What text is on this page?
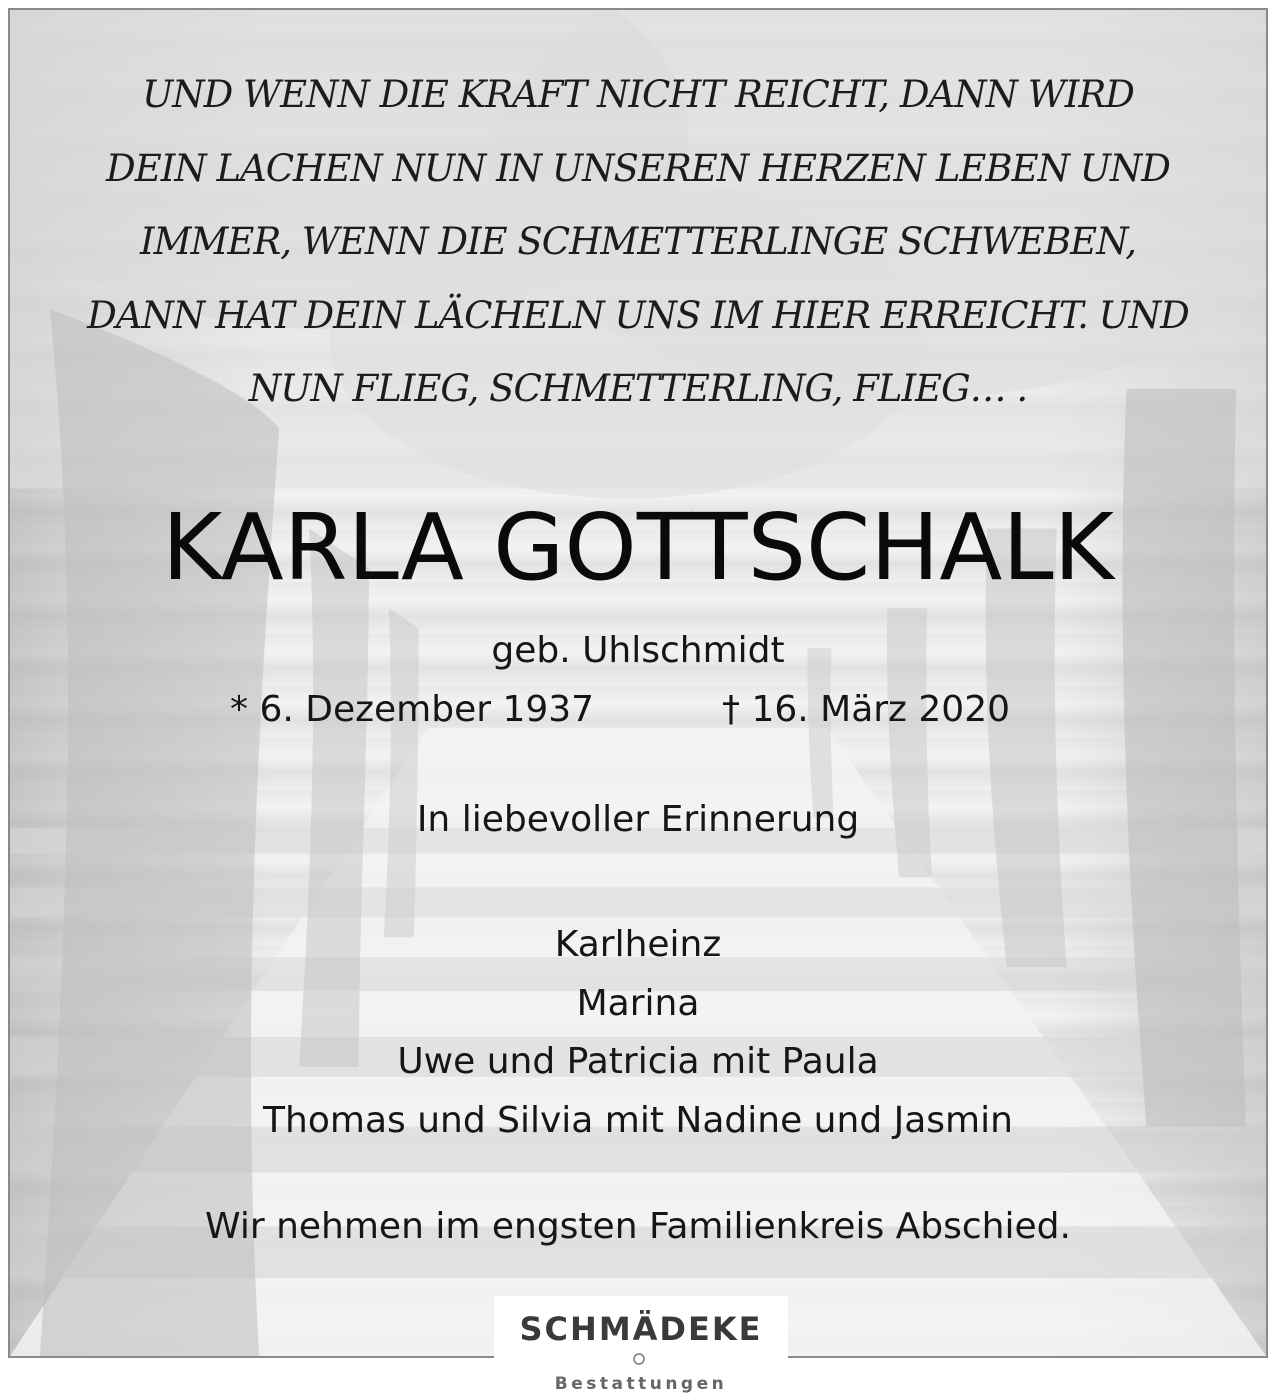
UND WENN DIE KRAFT NICHT REICHT, DANN WIRD
DEIN LACHEN NUN IN UNSEREN HERZEN LEBEN UND
IMMER, WENN DIE SCHMETTERLINGE SCHWEBEN,
DANN HAT DEIN LÄCHELN UNS IM HIER ERREICHT. UND
NUN FLIEG, SCHMETTERLING, FLIEG… .
KARLA GOTTSCHALK
geb. Uhlschmidt
* 6. Dezember 1937	† 16. März 2020
In liebevoller Erinnerung
Karlheinz
Marina
Uwe und Patricia mit Paula
Thomas und Silvia mit Nadine und Jasmin
Wir nehmen im engsten Familienkreis Abschied.
SCHMÄDEKE
Bestattungen
